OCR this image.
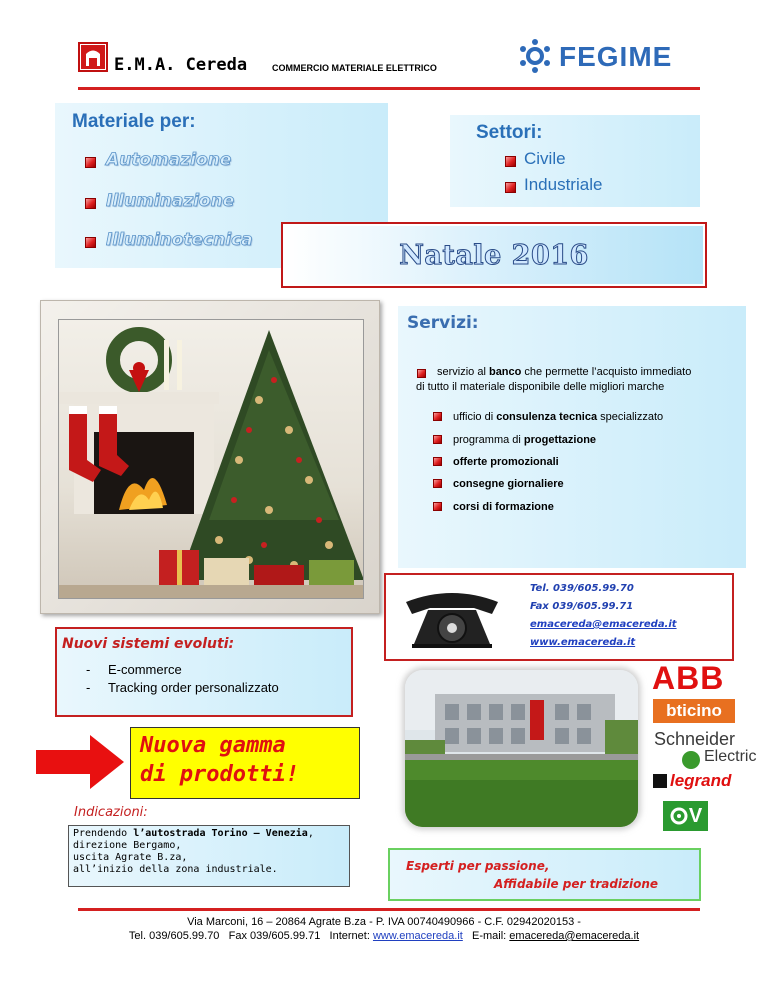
E.M.A. Cereda	COMMERCIO MATERIALE ELETTRICO	FEGIME
Materiale per:
Automazione
Illuminazione
Illuminotecnica
Settori:
Civile
Industriale
Natale 2016
Servizi:
servizio al banco che permette l’acquisto immediato
di tutto il materiale disponibile delle migliori marche
ufficio di consulenza tecnica specializzato
programma di progettazione
offerte promozionali
consegne giornaliere
corsi di formazione
Tel. 039/605.99.70
Fax 039/605.99.71
emacereda@emacereda.it
www.emacereda.it
Nuovi sistemi evoluti:
- E-commerce
- Tracking order personalizzato
Nuova gamma
di prodotti!
ABB
bticino
Schneider
Electric
legrand
V
Indicazioni:
Prendendo l’autostrada Torino – Venezia,
direzione Bergamo,
uscita Agrate B.za,
all’inizio della zona industriale.	Esperti per passione,
Affidabile per tradizione
Via Marconi, 16 – 20864 Agrate B.za - P. IVA 00740490966 - C.F. 02942020153 -
Tel. 039/605.99.70 Fax 039/605.99.71 Internet: www.emacereda.it E-mail: emacereda@emacereda.it
